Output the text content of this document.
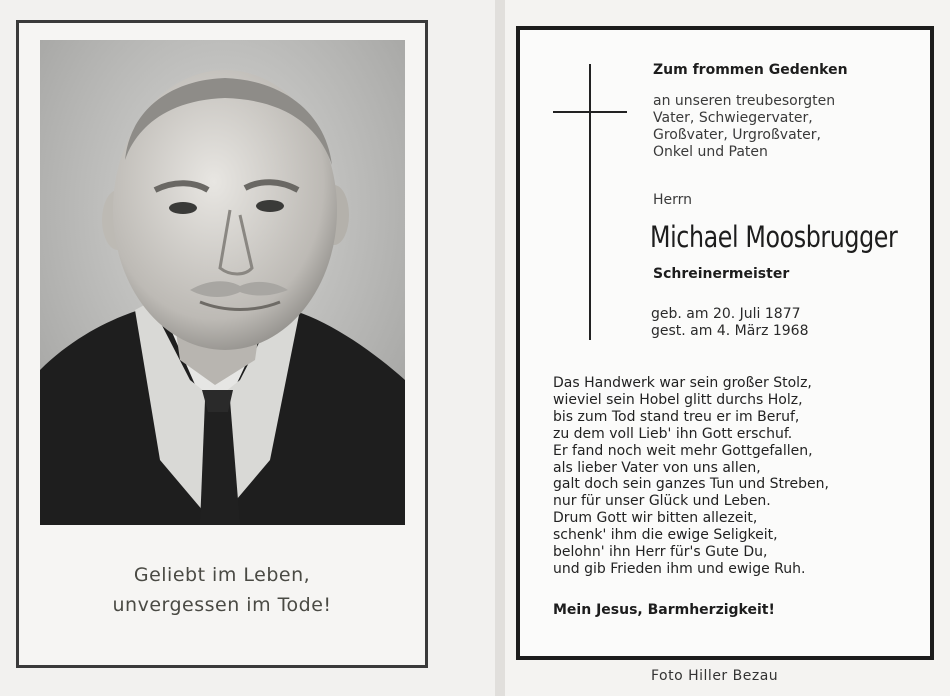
Geliebt im Leben,
unvergessen im Tode!
Zum frommen Gedenken
an unseren treubesorgten
Vater, Schwiegervater,
Großvater, Urgroßvater,
Onkel und Paten
Herrn
Michael Moosbrugger
Schreinermeister
geb. am 20. Juli 1877
gest. am 4. März 1968
Das Handwerk war sein großer Stolz,
wieviel sein Hobel glitt durchs Holz,
bis zum Tod stand treu er im Beruf,
zu dem voll Lieb' ihn Gott erschuf.
Er fand noch weit mehr Gottgefallen,
als lieber Vater von uns allen,
galt doch sein ganzes Tun und Streben,
nur für unser Glück und Leben.
Drum Gott wir bitten allezeit,
schenk' ihm die ewige Seligkeit,
belohn' ihn Herr für's Gute Du,
und gib Frieden ihm und ewige Ruh.
Mein Jesus, Barmherzigkeit!
Foto Hiller Bezau
